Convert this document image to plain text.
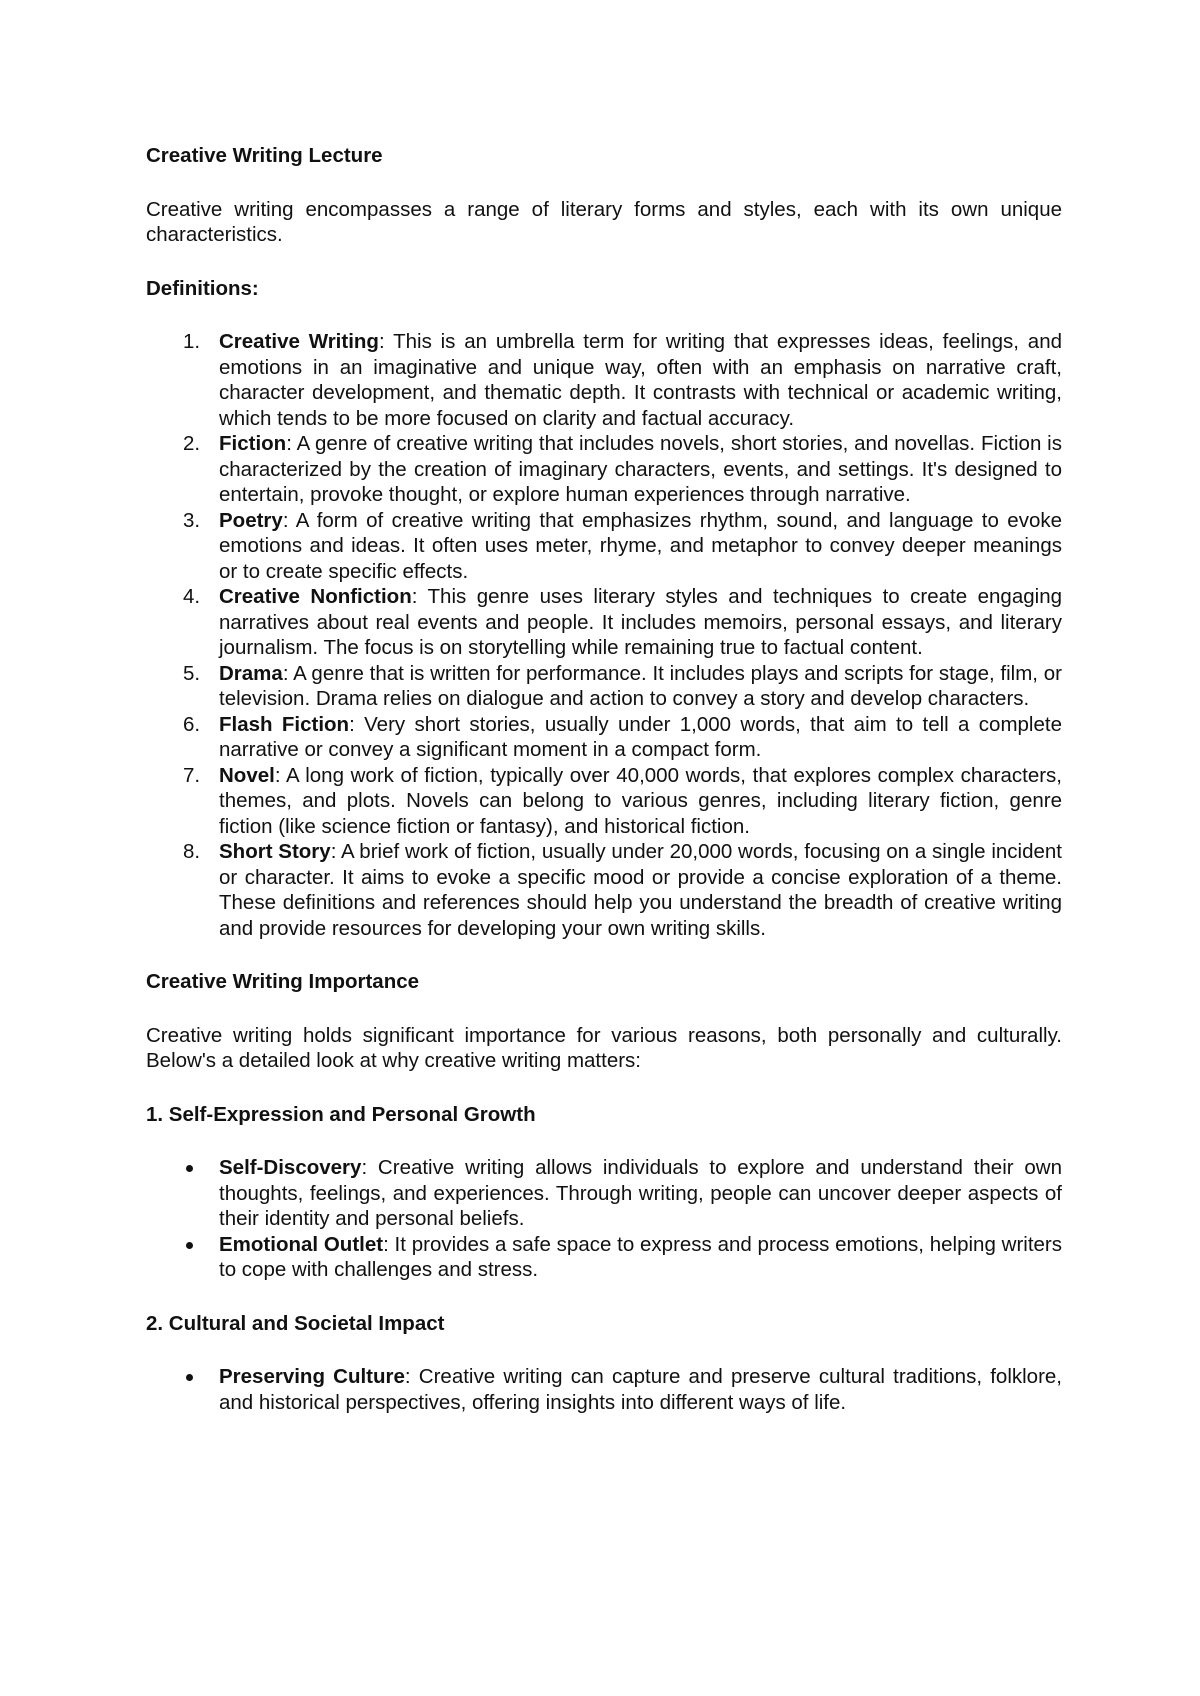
Creative Writing Lecture

Creative writing encompasses a range of literary forms and styles, each with its own unique characteristics.

Definitions:

1. Creative Writing: This is an umbrella term for writing that expresses ideas, feelings, and emotions in an imaginative and unique way, often with an emphasis on narrative craft, character development, and thematic depth. It contrasts with technical or academic writing, which tends to be more focused on clarity and factual accuracy.
2. Fiction: A genre of creative writing that includes novels, short stories, and novellas. Fiction is characterized by the creation of imaginary characters, events, and settings. It's designed to entertain, provoke thought, or explore human experiences through narrative.
3. Poetry: A form of creative writing that emphasizes rhythm, sound, and language to evoke emotions and ideas. It often uses meter, rhyme, and metaphor to convey deeper meanings or to create specific effects.
4. Creative Nonfiction: This genre uses literary styles and techniques to create engaging narratives about real events and people. It includes memoirs, personal essays, and literary journalism. The focus is on storytelling while remaining true to factual content.
5. Drama: A genre that is written for performance. It includes plays and scripts for stage, film, or television. Drama relies on dialogue and action to convey a story and develop characters.
6. Flash Fiction: Very short stories, usually under 1,000 words, that aim to tell a complete narrative or convey a significant moment in a compact form.
7. Novel: A long work of fiction, typically over 40,000 words, that explores complex characters, themes, and plots. Novels can belong to various genres, including literary fiction, genre fiction (like science fiction or fantasy), and historical fiction.
8. Short Story: A brief work of fiction, usually under 20,000 words, focusing on a single incident or character. It aims to evoke a specific mood or provide a concise exploration of a theme. These definitions and references should help you understand the breadth of creative writing and provide resources for developing your own writing skills.

Creative Writing Importance

Creative writing holds significant importance for various reasons, both personally and culturally. Below's a detailed look at why creative writing matters:

1. Self-Expression and Personal Growth

Self-Discovery: Creative writing allows individuals to explore and understand their own thoughts, feelings, and experiences. Through writing, people can uncover deeper aspects of their identity and personal beliefs.
Emotional Outlet: It provides a safe space to express and process emotions, helping writers to cope with challenges and stress.

2. Cultural and Societal Impact

Preserving Culture: Creative writing can capture and preserve cultural traditions, folklore, and historical perspectives, offering insights into different ways of life.
